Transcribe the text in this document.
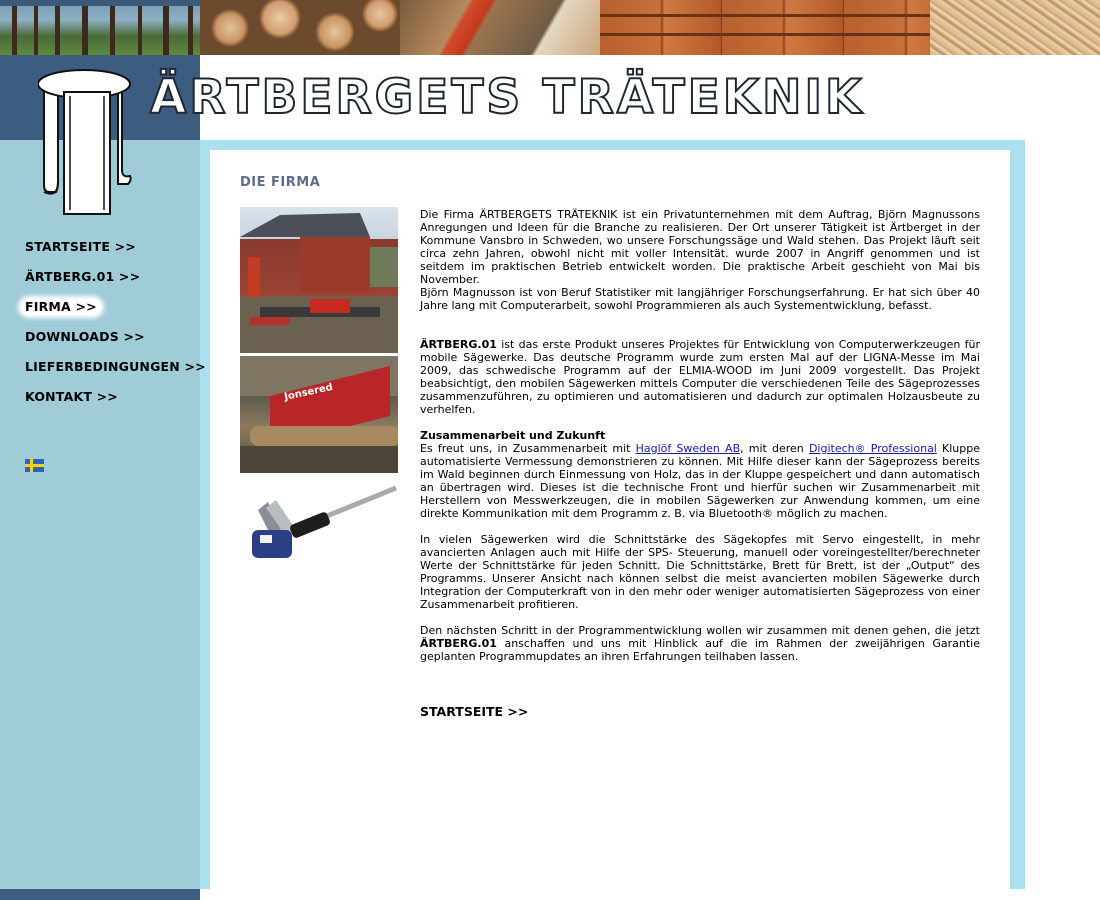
ÄRTBERGETS TRÄTEKNIK
STARTSEITE >>
ÄRTBERG.01 >>
FIRMA >>
DOWNLOADS >>
LIEFERBEDINGUNGEN >>
KONTAKT >>
DIE FIRMA
Jonsered

Die Firma ÄRTBERGETS TRÄTEKNIK ist ein Privatunternehmen mit dem Auftrag, Björn Magnussons Anregungen und Ideen für die Branche zu realisieren. Der Ort unserer Tätigkeit ist Ärtberget in der Kommune Vansbro in Schweden, wo unsere Forschungssäge und Wald stehen. Das Projekt läuft seit circa zehn Jahren, obwohl nicht mit voller Intensität. wurde 2007 in Angriff genommen und ist seitdem im praktischen Betrieb entwickelt worden. Die praktische Arbeit geschieht von Mai bis November.

Björn Magnusson ist von Beruf Statistiker mit langjähriger Forschungserfahrung. Er hat sich über 40 Jahre lang mit Computerarbeit, sowohl Programmieren als auch Systementwicklung, befasst.

ÄRTBERG.01 ist das erste Produkt unseres Projektes für Entwicklung von Computerwerkzeugen für mobile Sägewerke. Das deutsche Programm wurde zum ersten Mal auf der LIGNA-Messe im Mai 2009, das schwedische Programm auf der ELMIA-WOOD im Juni 2009 vorgestellt. Das Projekt beabsichtigt, den mobilen Sägewerken mittels Computer die verschiedenen Teile des Sägeprozesses zusammenzuführen, zu optimieren und automatisieren und dadurch zur optimalen Holzausbeute zu verhelfen.

Zusammenarbeit und Zukunft
Es freut uns, in Zusammenarbeit mit Haglöf Sweden AB, mit deren Digitech® Professional Kluppe automatisierte Vermessung demonstrieren zu können. Mit Hilfe dieser kann der Sägeprozess bereits im Wald beginnen durch Einmessung von Holz, das in der Kluppe gespeichert und dann automatisch an übertragen wird. Dieses ist die technische Front und hierfür suchen wir Zusammenarbeit mit Herstellern von Messwerkzeugen, die in mobilen Sägewerken zur Anwendung kommen, um eine direkte Kommunikation mit dem Programm z. B. via Bluetooth® möglich zu machen.

In vielen Sägewerken wird die Schnittstärke des Sägekopfes mit Servo eingestellt, in mehr avancierten Anlagen auch mit Hilfe der SPS- Steuerung, manuell oder voreingestellter/berechneter Werte der Schnittstärke für jeden Schnitt. Die Schnittstärke, Brett für Brett, ist der „Output“ des Programms. Unserer Ansicht nach können selbst die meist avancierten mobilen Sägewerke durch Integration der Computerkraft von in den mehr oder weniger automatisierten Sägeprozess von einer Zusammenarbeit profitieren.

Den nächsten Schritt in der Programmentwicklung wollen wir zusammen mit denen gehen, die jetzt ÄRTBERG.01 anschaffen und uns mit Hinblick auf die im Rahmen der zweijährigen Garantie geplanten Programmupdates an ihren Erfahrungen teilhaben lassen.

STARTSEITE >>
